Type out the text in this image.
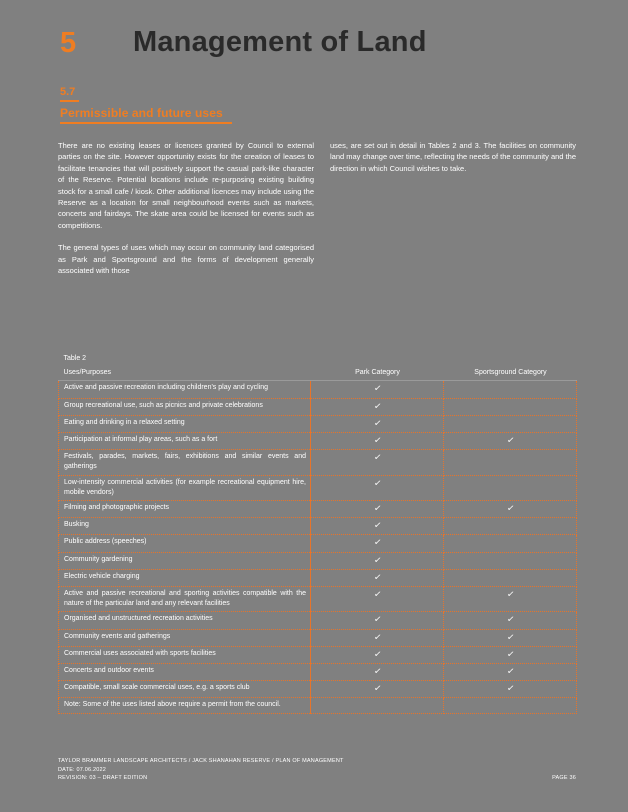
5 Management of Land
5.7
Permissible and future uses

There are no existing leases or licences granted by Council to external parties on the site. However opportunity exists for the creation of leases to facilitate tenancies that will positively support the casual park-like character of the Reserve. Potential locations include re-purposing existing building stock for a small cafe / kiosk. Other additional licences may include using the Reserve as a location for small neighbourhood events such as markets, concerts and fairdays. The skate area could be licensed for events such as competitions.

The general types of uses which may occur on community land categorised as Park and Sportsground and the forms of development generally associated with those

uses, are set out in detail in Tables 2 and 3. The facilities on community land may change over time, reflecting the needs of the community and the direction in which Council wishes to take.

Table 2		
Uses/Purposes	Park Category	Sportsground Category
Active and passive recreation including children's play and cycling	✓	
Group recreational use, such as picnics and private celebrations	✓	
Eating and drinking in a relaxed setting	✓	
Participation at informal play areas, such as a fort	✓	✓
Festivals, parades, markets, fairs, exhibitions and similar events and gatherings	✓	
Low-intensity commercial activities (for example recreational equipment hire, mobile vendors)	✓	
Filming and photographic projects	✓	✓
Busking	✓	
Public address (speeches)	✓	
Community gardening	✓	
Electric vehicle charging	✓	
Active and passive recreational and sporting activities compatible with the nature of the particular land and any relevant facilities	✓	✓
Organised and unstructured recreation activities	✓	✓
Community events and gatherings	✓	✓
Commercial uses associated with sports facilities	✓	✓
Concerts and outdoor events	✓	✓
Compatible, small scale commercial uses, e.g. a sports club	✓	✓
Note: Some of the uses listed above require a permit from the council.		
TAYLOR BRAMMER LANDSCAPE ARCHITECTS / JACK SHANAHAN RESERVE / PLAN OF MANAGEMENT
DATE: 07.06.2022
REVISION: 03 – DRAFT EDITION	PAGE 36
